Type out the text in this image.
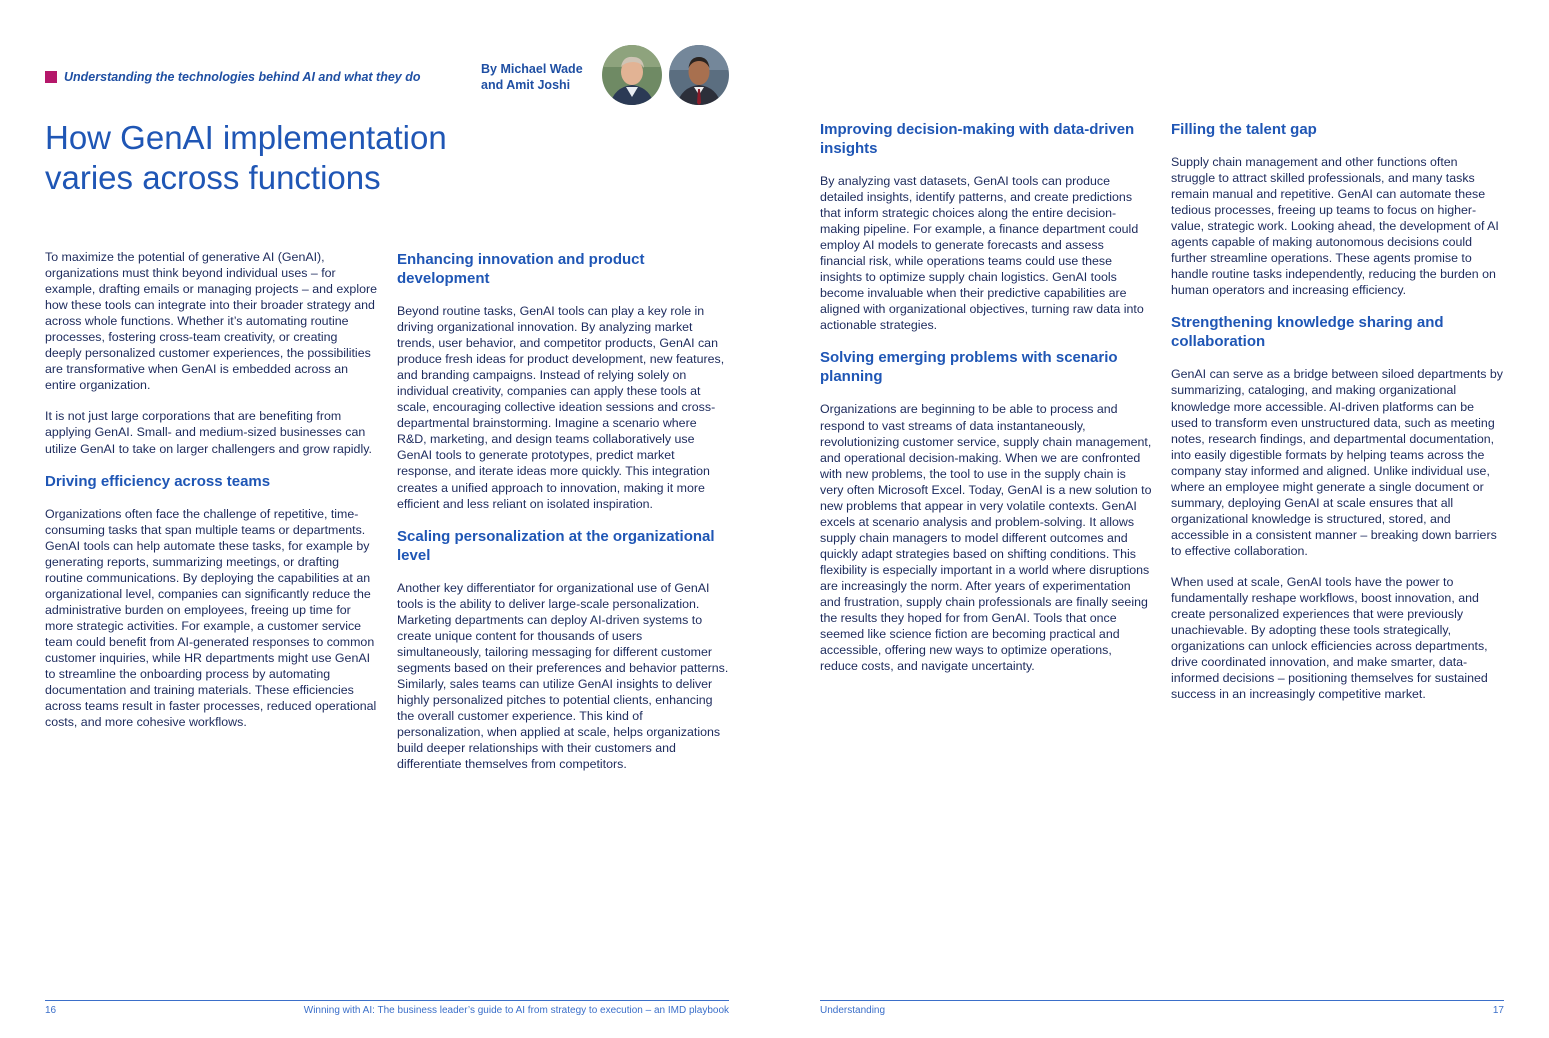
Understanding the technologies behind AI and what they do
By Michael Wade
and Amit Joshi
How GenAI implementation
varies across functions

To maximize the potential of generative AI (GenAI), organizations must think beyond individual uses – for example, drafting emails or managing projects – and explore how these tools can integrate into their broader strategy and across whole functions. Whether it’s automating routine processes, fostering cross-team creativity, or creating deeply personalized customer experiences, the possibilities are transformative when GenAI is embedded across an entire organization.

It is not just large corporations that are benefiting from applying GenAI. Small- and medium-sized businesses can utilize GenAI to take on larger challengers and grow rapidly.

Driving efficiency across teams

Organizations often face the challenge of repetitive, time-consuming tasks that span multiple teams or departments. GenAI tools can help automate these tasks, for example by generating reports, summarizing meetings, or drafting routine communications. By deploying the capabilities at an organizational level, companies can significantly reduce the administrative burden on employees, freeing up time for more strategic activities. For example, a customer service team could benefit from AI-generated responses to common customer inquiries, while HR departments might use GenAI to streamline the onboarding process by automating documentation and training materials. These efficiencies across teams result in faster processes, reduced operational costs, and more cohesive workflows.

Enhancing innovation and product development

Beyond routine tasks, GenAI tools can play a key role in driving organizational innovation. By analyzing market trends, user behavior, and competitor products, GenAI can produce fresh ideas for product development, new features, and branding campaigns. Instead of relying solely on individual creativity, companies can apply these tools at scale, encouraging collective ideation sessions and cross-departmental brainstorming. Imagine a scenario where R&D, marketing, and design teams collaboratively use GenAI tools to generate prototypes, predict market response, and iterate ideas more quickly. This integration creates a unified approach to innovation, making it more efficient and less reliant on isolated inspiration.

Scaling personalization at the organizational level

Another key differentiator for organizational use of GenAI tools is the ability to deliver large-scale personalization. Marketing departments can deploy AI-driven systems to create unique content for thousands of users simultaneously, tailoring messaging for different customer segments based on their preferences and behavior patterns. Similarly, sales teams can utilize GenAI insights to deliver highly personalized pitches to potential clients, enhancing the overall customer experience. This kind of personalization, when applied at scale, helps organizations build deeper relationships with their customers and differentiate themselves from competitors.

Improving decision-making with data-driven insights

By analyzing vast datasets, GenAI tools can produce detailed insights, identify patterns, and create predictions that inform strategic choices along the entire decision-making pipeline. For example, a finance department could employ AI models to generate forecasts and assess financial risk, while operations teams could use these insights to optimize supply chain logistics. GenAI tools become invaluable when their predictive capabilities are aligned with organizational objectives, turning raw data into actionable strategies.

Solving emerging problems with scenario planning

Organizations are beginning to be able to process and respond to vast streams of data instantaneously, revolutionizing customer service, supply chain management, and operational decision-making. When we are confronted with new problems, the tool to use in the supply chain is very often Microsoft Excel. Today, GenAI is a new solution to new problems that appear in very volatile contexts. GenAI excels at scenario analysis and problem-solving. It allows supply chain managers to model different outcomes and quickly adapt strategies based on shifting conditions. This flexibility is especially important in a world where disruptions are increasingly the norm. After years of experimentation and frustration, supply chain professionals are finally seeing the results they hoped for from GenAI. Tools that once seemed like science fiction are becoming practical and accessible, offering new ways to optimize operations, reduce costs, and navigate uncertainty.

Filling the talent gap

Supply chain management and other functions often struggle to attract skilled professionals, and many tasks remain manual and repetitive. GenAI can automate these tedious processes, freeing up teams to focus on higher-value, strategic work. Looking ahead, the development of AI agents capable of making autonomous decisions could further streamline operations. These agents promise to handle routine tasks independently, reducing the burden on human operators and increasing efficiency.

Strengthening knowledge sharing and collaboration

GenAI can serve as a bridge between siloed departments by summarizing, cataloging, and making organizational knowledge more accessible. AI-driven platforms can be used to transform even unstructured data, such as meeting notes, research findings, and departmental documentation, into easily digestible formats by helping teams across the company stay informed and aligned. Unlike individual use, where an employee might generate a single document or summary, deploying GenAI at scale ensures that all organizational knowledge is structured, stored, and accessible in a consistent manner – breaking down barriers to effective collaboration.

When used at scale, GenAI tools have the power to fundamentally reshape workflows, boost innovation, and create personalized experiences that were previously unachievable. By adopting these tools strategically, organizations can unlock efficiencies across departments, drive coordinated innovation, and make smarter, data-informed decisions – positioning themselves for sustained success in an increasingly competitive market.

16	Winning with AI: The business leader’s guide to AI from strategy to execution – an IMD playbook	Understanding	17
